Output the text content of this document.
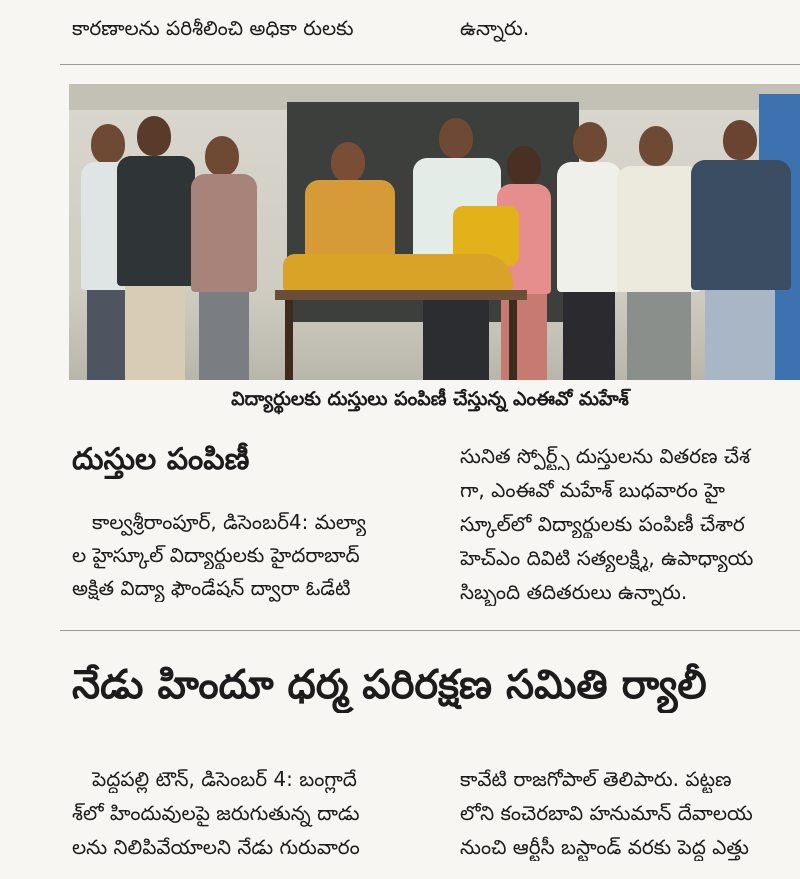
కారణాలను పరిశీలించి అధికా రులకు	ఉన్నారు.
విద్యార్థులకు దుస్తులు పంపిణీ చేస్తున్న ఎంఈవో మహేశ్
దుస్తుల పంపిణీ
కాల్వశ్రీరాంపూర్, డిసెంబర్4: మల్యా
ల హైస్కూల్ విద్యార్థులకు హైదరాబాద్
అక్షిత విద్యా ఫౌండేషన్ ద్వారా ఓడేటి
సునిత స్పోర్ట్స్ దుస్తులను వితరణ చేశ
గా, ఎంఈవో మహేశ్ బుధవారం హై
స్కూల్‌లో విద్యార్థులకు పంపిణీ చేశార
హెచ్ఎం దివిటి సత్యలక్ష్మి, ఉపాధ్యాయ
సిబ్బంది తదితరులు ఉన్నారు.
నేడు హిందూ ధర్మ పరిరక్షణ సమితి ర్యాలీ
పెద్దపల్లి టౌన్, డిసెంబర్ 4: బంగ్లాదే
శ్‌లో హిందువులపై జరుగుతున్న దాడు
లను నిలిపివేయాలని నేడు గురువారం
కావేటి రాజగోపాల్ తెలిపారు. పట్టణ
లోని కంచెరబావి హనుమాన్ దేవాలయ
నుంచి ఆర్టీసీ బస్టాండ్ వరకు పెద్ద ఎత్తు
